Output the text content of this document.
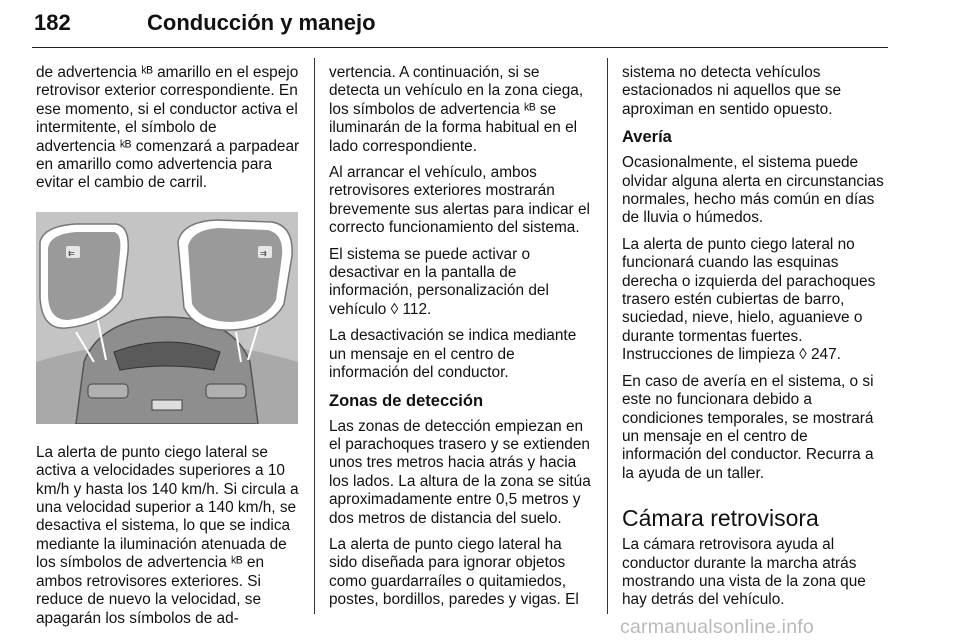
182	Conducción y manejo

de advertencia ᵏᴮ amarillo en el espejo retrovisor exterior correspondiente. En ese momento, si el conductor activa el intermitente, el símbolo de advertencia ᵏᴮ comenzará a parpadear en amarillo como advertencia para evitar el cambio de carril.

⇇	⇉

La alerta de punto ciego lateral se activa a velocidades superiores a 10 km/h y hasta los 140 km/h. Si circula a una velocidad superior a 140 km/h, se desactiva el sistema, lo que se indica mediante la iluminación atenuada de los símbolos de advertencia ᵏᴮ en ambos retrovisores exteriores. Si reduce de nuevo la velocidad, se apagarán los símbolos de ad-

vertencia. A continuación, si se detecta un vehículo en la zona ciega, los símbolos de advertencia ᵏᴮ se iluminarán de la forma habitual en el lado correspondiente.

Al arrancar el vehículo, ambos retrovisores exteriores mostrarán brevemente sus alertas para indicar el correcto funcionamiento del sistema.

El sistema se puede activar o desactivar en la pantalla de información, personalización del vehículo ◊ 112.

La desactivación se indica mediante un mensaje en el centro de información del conductor.

Zonas de detección

Las zonas de detección empiezan en el parachoques trasero y se extienden unos tres metros hacia atrás y hacia los lados. La altura de la zona se sitúa aproximadamente entre 0,5 metros y dos metros de distancia del suelo.

La alerta de punto ciego lateral ha sido diseñada para ignorar objetos como guardarraíles o quitamiedos, postes, bordillos, paredes y vigas. El

sistema no detecta vehículos estacionados ni aquellos que se aproximan en sentido opuesto.

Avería

Ocasionalmente, el sistema puede olvidar alguna alerta en circunstancias normales, hecho más común en días de lluvia o húmedos.

La alerta de punto ciego lateral no funcionará cuando las esquinas derecha o izquierda del parachoques trasero estén cubiertas de barro, suciedad, nieve, hielo, aguanieve o durante tormentas fuertes. Instrucciones de limpieza ◊ 247.

En caso de avería en el sistema, o si este no funcionara debido a condiciones temporales, se mostrará un mensaje en el centro de información del conductor. Recurra a la ayuda de un taller.

Cámara retrovisora

La cámara retrovisora ayuda al conductor durante la marcha atrás mostrando una vista de la zona que hay detrás del vehículo.

carmanualsonline.info
